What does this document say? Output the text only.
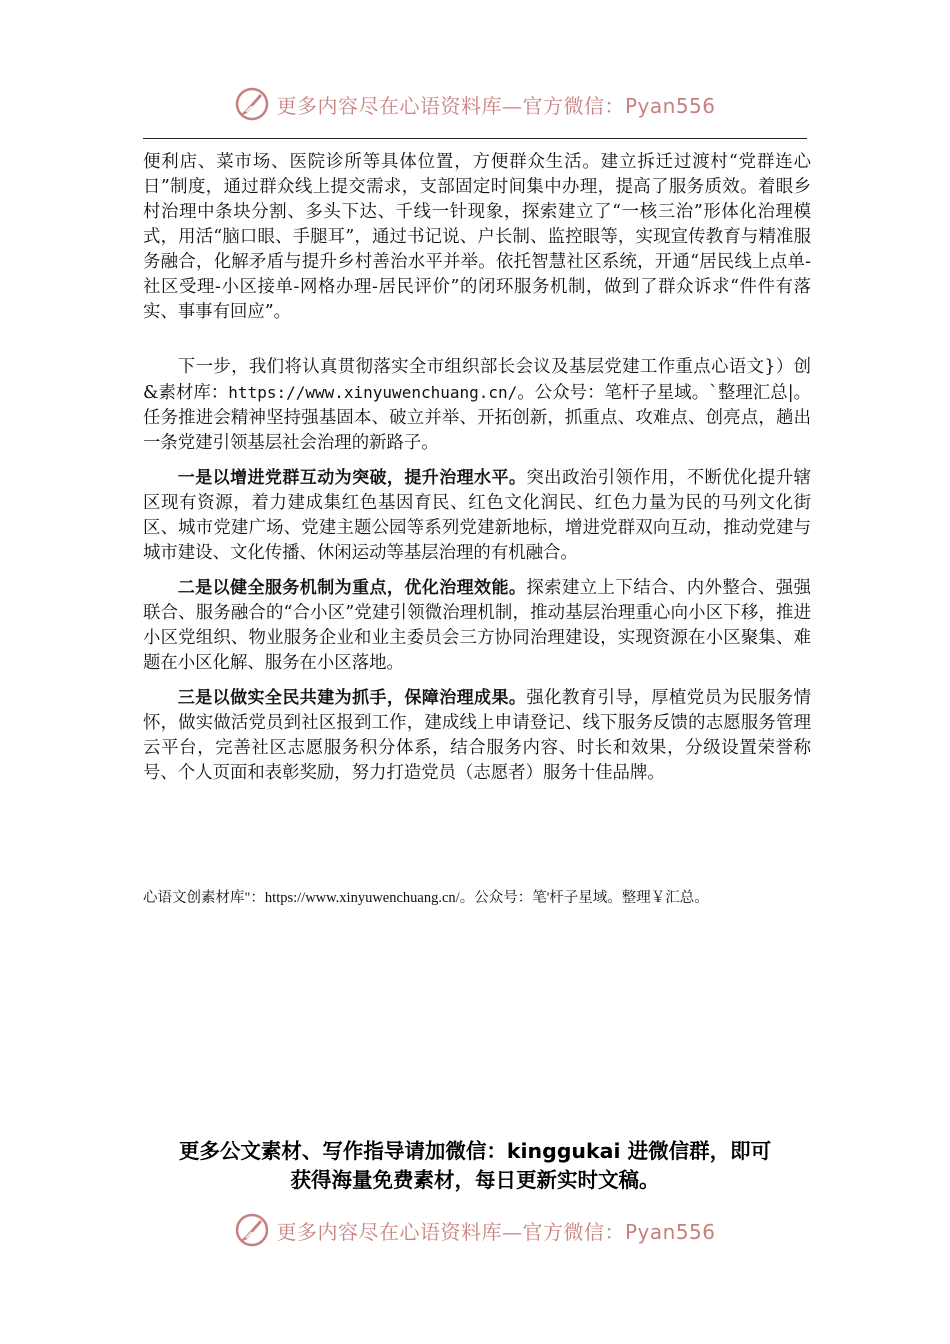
更多内容尽在心语资料库—官方微信：Pyan556

便利店、菜市场、医院诊所等具体位置，方便群众生活。建立拆迁过渡村“党群连心日”制度，通过群众线上提交需求，支部固定时间集中办理，提高了服务质效。着眼乡村治理中条块分割、多头下达、千线一针现象，探索建立了“一核三治”形体化治理模式，用活“脑口眼、手腿耳”，通过书记说、户长制、监控眼等，实现宣传教育与精准服务融合，化解矛盾与提升乡村善治水平并举。依托智慧社区系统，开通“居民线上点单-社区受理-小区接单-网格办理-居民评价”的闭环服务机制，做到了群众诉求“件件有落实、事事有回应”。

下一步，我们将认真贯彻落实全市组织部长会议及基层党建工作重点心语文}）创&素材库：https://www.xinyuwenchuang.cn/。公众号：笔杆子星域。`整理汇总|。任务推进会精神坚持强基固本、破立并举、开拓创新，抓重点、攻难点、创亮点，趟出一条党建引领基层社会治理的新路子。

一是以增进党群互动为突破，提升治理水平。突出政治引领作用，不断优化提升辖区现有资源，着力建成集红色基因育民、红色文化润民、红色力量为民的马列文化街区、城市党建广场、党建主题公园等系列党建新地标，增进党群双向互动，推动党建与城市建设、文化传播、休闲运动等基层治理的有机融合。

二是以健全服务机制为重点，优化治理效能。探索建立上下结合、内外整合、强强联合、服务融合的“合小区”党建引领微治理机制，推动基层治理重心向小区下移，推进小区党组织、物业服务企业和业主委员会三方协同治理建设，实现资源在小区聚集、难题在小区化解、服务在小区落地。

三是以做实全民共建为抓手，保障治理成果。强化教育引导，厚植党员为民服务情怀，做实做活党员到社区报到工作，建成线上申请登记、线下服务反馈的志愿服务管理云平台，完善社区志愿服务积分体系，结合服务内容、时长和效果，分级设置荣誉称号、个人页面和表彰奖励，努力打造党员（志愿者）服务十佳品牌。

心语文创素材库"：https://www.xinyuwenchuang.cn/。公众号：笔'杆子星域。整理￥汇总。
更多公文素材、写作指导请加微信：kinggukai 进微信群，即可
获得海量免费素材，每日更新实时文稿。
更多内容尽在心语资料库—官方微信：Pyan556
